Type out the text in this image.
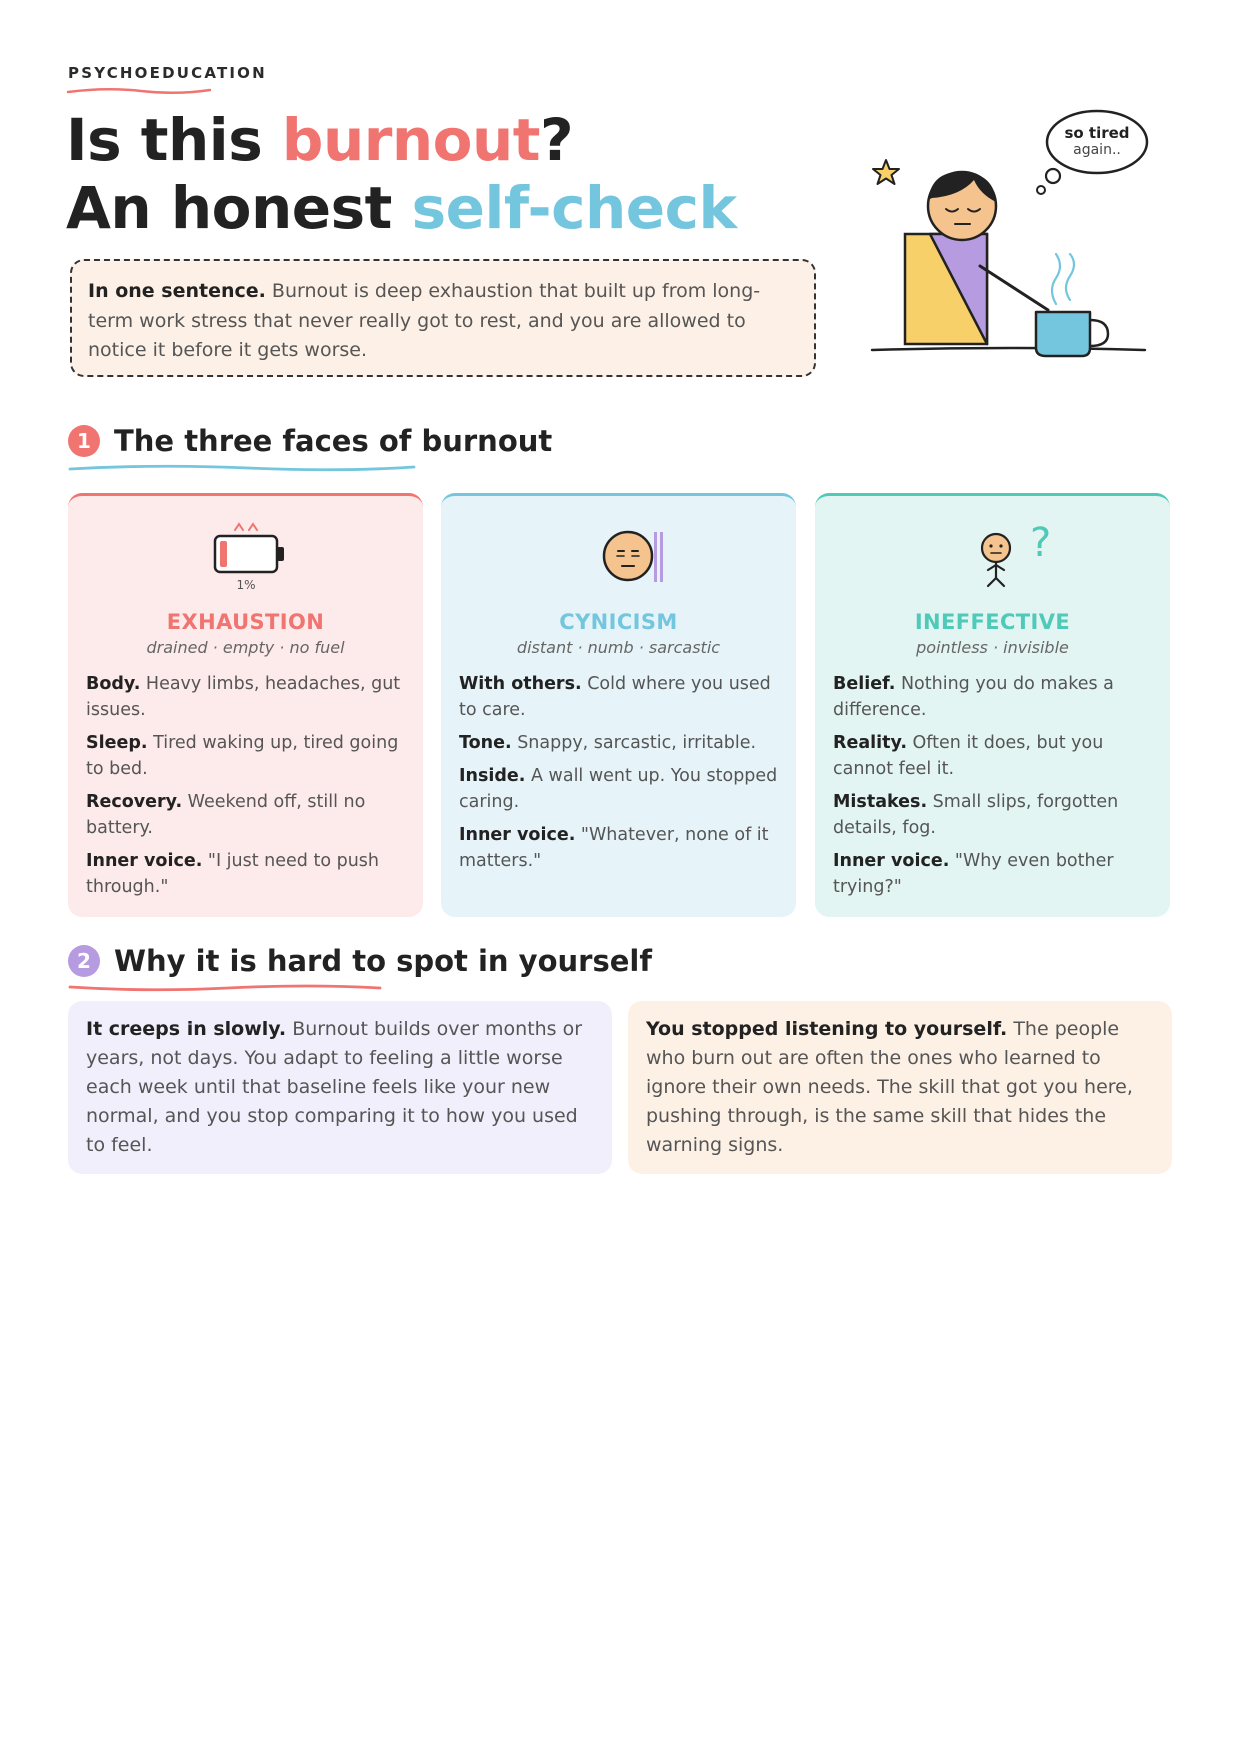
PSYCHOEDUCATION
Is this burnout?
An honest self-check
In one sentence. Burnout is deep exhaustion that built up from long-term work stress that never really got to rest, and you are allowed to notice it before it gets worse.
so tired
again..
1 The three faces of burnout
1%
EXHAUSTION
drained · empty · no fuel
Body. Heavy limbs, headaches, gut issues.
Sleep. Tired waking up, tired going to bed.
Recovery. Weekend off, still no battery.
Inner voice. "I just need to push through."
CYNICISM
distant · numb · sarcastic
With others. Cold where you used to care.
Tone. Snappy, sarcastic, irritable.
Inside. A wall went up. You stopped caring.
Inner voice. "Whatever, none of it matters."
?
INEFFECTIVE
pointless · invisible
Belief. Nothing you do makes a difference.
Reality. Often it does, but you cannot feel it.
Mistakes. Small slips, forgotten details, fog.
Inner voice. "Why even bother trying?"
2 Why it is hard to spot in yourself
It creeps in slowly. Burnout builds over months or years, not days. You adapt to feeling a little worse each week until that baseline feels like your new normal, and you stop comparing it to how you used to feel.
You stopped listening to yourself. The people who burn out are often the ones who learned to ignore their own needs. The skill that got you here, pushing through, is the same skill that hides the warning signs.
